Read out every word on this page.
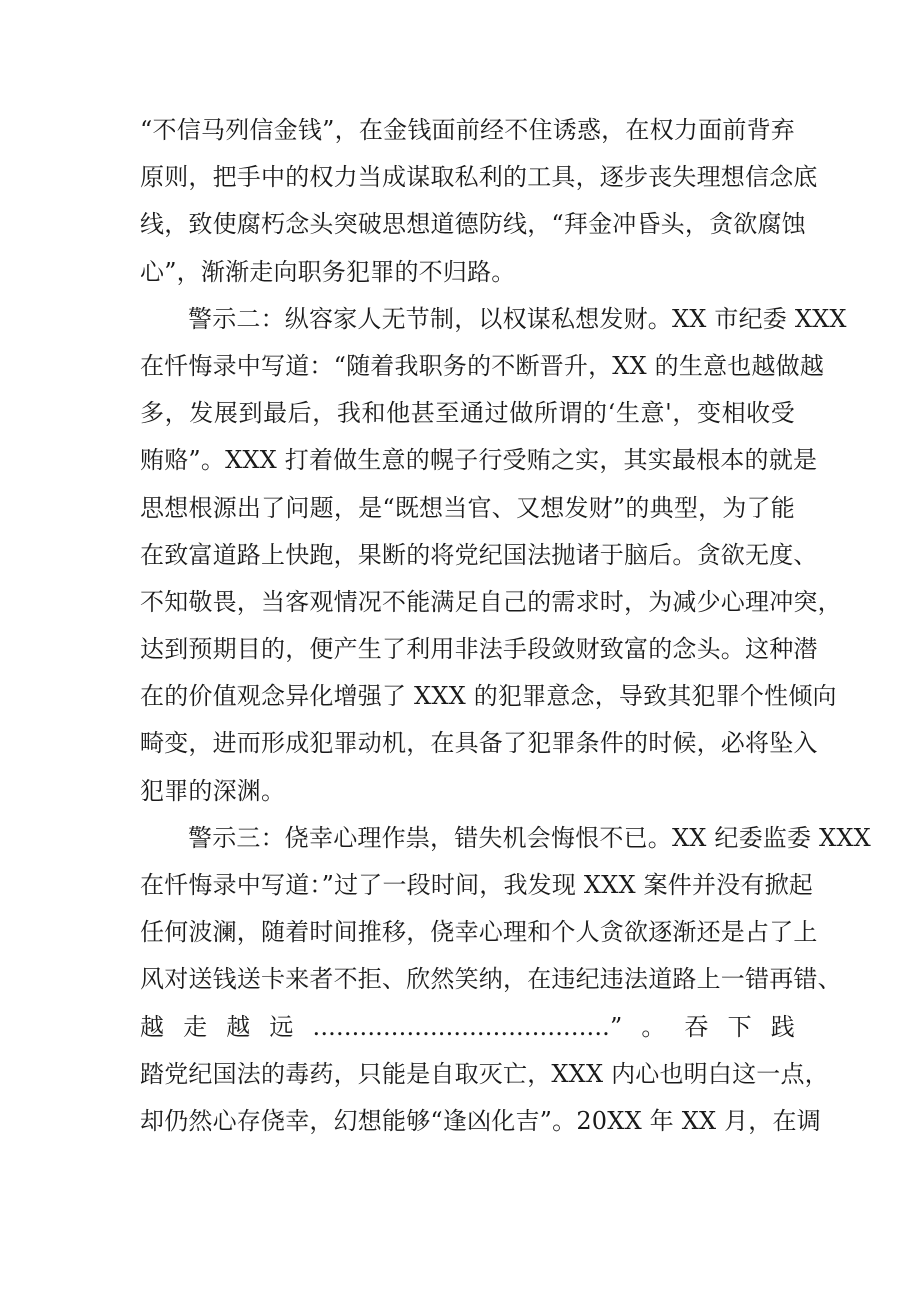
“不信马列信金钱”，在金钱面前经不住诱惑，在权力面前背弃
原则，把手中的权力当成谋取私利的工具，逐步丧失理想信念底
线，致使腐朽念头突破思想道德防线，“拜金冲昏头，贪欲腐蚀
心”，渐渐走向职务犯罪的不归路。
警示二：纵容家人无节制，以权谋私想发财。XX 市纪委 XXX
在忏悔录中写道：“随着我职务的不断晋升，XX 的生意也越做越
多，发展到最后，我和他甚至通过做所谓的‘生意'，变相收受
贿赂”。XXX 打着做生意的幌子行受贿之实，其实最根本的就是
思想根源出了问题，是“既想当官、又想发财”的典型，为了能
在致富道路上快跑，果断的将党纪国法抛诸于脑后。贪欲无度、
不知敬畏，当客观情况不能满足自己的需求时，为减少心理冲突，
达到预期目的，便产生了利用非法手段敛财致富的念头。这种潜
在的价值观念异化增强了 XXX 的犯罪意念，导致其犯罪个性倾向
畸变，进而形成犯罪动机，在具备了犯罪条件的时候，必将坠入
犯罪的深渊。
警示三：侥幸心理作祟，错失机会悔恨不已。XX 纪委监委 XXX
在忏悔录中写道：”过了一段时间，我发现 XXX 案件并没有掀起
任何波澜，随着时间推移，侥幸心理和个人贪欲逐渐还是占了上
风对送钱送卡来者不拒、欣然笑纳，在违纪违法道路上一错再错、
越走越远......................................”。吞下践
踏党纪国法的毒药，只能是自取灭亡，XXX 内心也明白这一点，
却仍然心存侥幸，幻想能够“逢凶化吉”。20XX 年 XX 月，在调
